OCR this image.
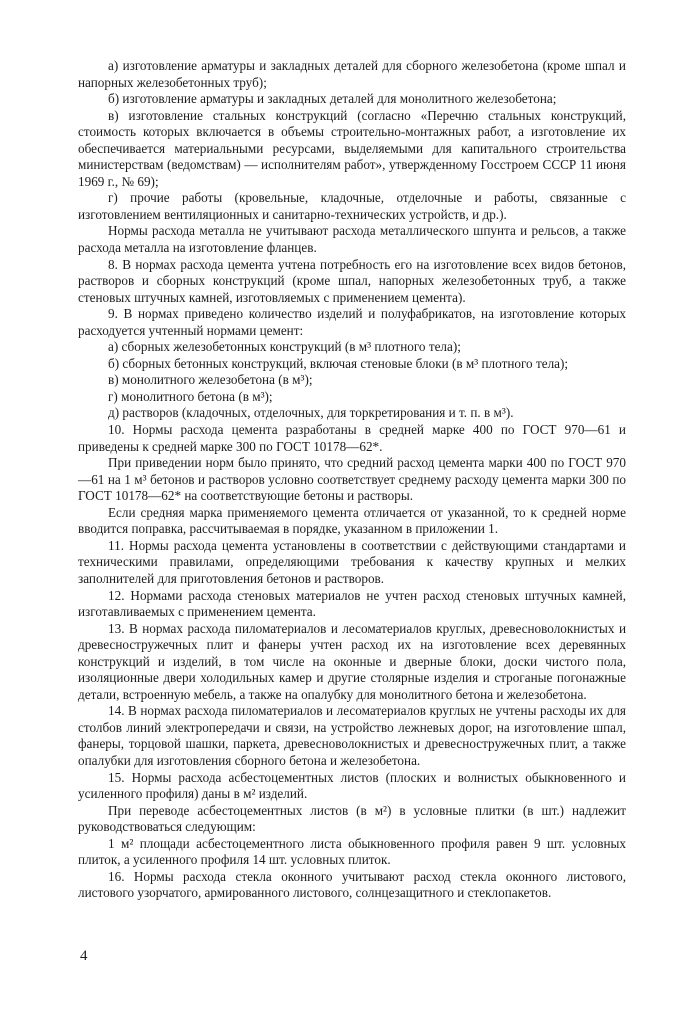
а) изготовление арматуры и закладных деталей для сборного железобетона (кроме шпал и напорных железобетонных труб);

б) изготовление арматуры и закладных деталей для монолитного железобетона;

в) изготовление стальных конструкций (согласно «Перечню стальных конструкций, стоимость которых включается в объемы строительно-монтажных работ, а изготовление их обеспечивается материальными ресурсами, выделяемыми для капитального строительства министерствам (ведомствам) — исполнителям работ», утвержденному Госстроем СССР 11 июня 1969 г., № 69);

г) прочие работы (кровельные, кладочные, отделочные и работы, связанные с изготовлением вентиляционных и санитарно-технических устройств, и др.).

Нормы расхода металла не учитывают расхода металлического шпунта и рельсов, а также расхода металла на изготовление фланцев.

8. В нормах расхода цемента учтена потребность его на изготовление всех видов бетонов, растворов и сборных конструкций (кроме шпал, напорных железобетонных труб, а также стеновых штучных камней, изготовляемых с применением цемента).

9. В нормах приведено количество изделий и полуфабрикатов, на изготовление которых расходуется учтенный нормами цемент:

а) сборных железобетонных конструкций (в м³ плотного тела);

б) сборных бетонных конструкций, включая стеновые блоки (в м³ плотного тела);

в) монолитного железобетона (в м³);

г) монолитного бетона (в м³);

д) растворов (кладочных, отделочных, для торкретирования и т. п. в м³).

10. Нормы расхода цемента разработаны в средней марке 400 по ГОСТ 970—61 и приведены к средней марке 300 по ГОСТ 10178—62*.

При приведении норм было принято, что средний расход цемента марки 400 по ГОСТ 970—61 на 1 м³ бетонов и растворов условно соответствует среднему расходу цемента марки 300 по ГОСТ 10178—62* на соответствующие бетоны и растворы.

Если средняя марка применяемого цемента отличается от указанной, то к средней норме вводится поправка, рассчитываемая в порядке, указанном в приложении 1.

11. Нормы расхода цемента установлены в соответствии с действующими стандартами и техническими правилами, определяющими требования к качеству крупных и мелких заполнителей для приготовления бетонов и растворов.

12. Нормами расхода стеновых материалов не учтен расход стеновых штучных камней, изготавливаемых с применением цемента.

13. В нормах расхода пиломатериалов и лесоматериалов круглых, древесноволокнистых и древесностружечных плит и фанеры учтен расход их на изготовление всех деревянных конструкций и изделий, в том числе на оконные и дверные блоки, доски чистого пола, изоляционные двери холодильных камер и другие столярные изделия и строганые погонажные детали, встроенную мебель, а также на опалубку для монолитного бетона и железобетона.

14. В нормах расхода пиломатериалов и лесоматериалов круглых не учтены расходы их для столбов линий электропередачи и связи, на устройство лежневых дорог, на изготовление шпал, фанеры, торцовой шашки, паркета, древесноволокнистых и древесностружечных плит, а также опалубки для изготовления сборного бетона и железобетона.

15. Нормы расхода асбестоцементных листов (плоских и волнистых обыкновенного и усиленного профиля) даны в м² изделий.

При переводе асбестоцементных листов (в м²) в условные плитки (в шт.) надлежит руководствоваться следующим:

1 м² площади асбестоцементного листа обыкновенного профиля равен 9 шт. условных плиток, а усиленного профиля 14 шт. условных плиток.

16. Нормы расхода стекла оконного учитывают расход стекла оконного листового, листового узорчатого, армированного листового, солнцезащитного и стеклопакетов.

4
